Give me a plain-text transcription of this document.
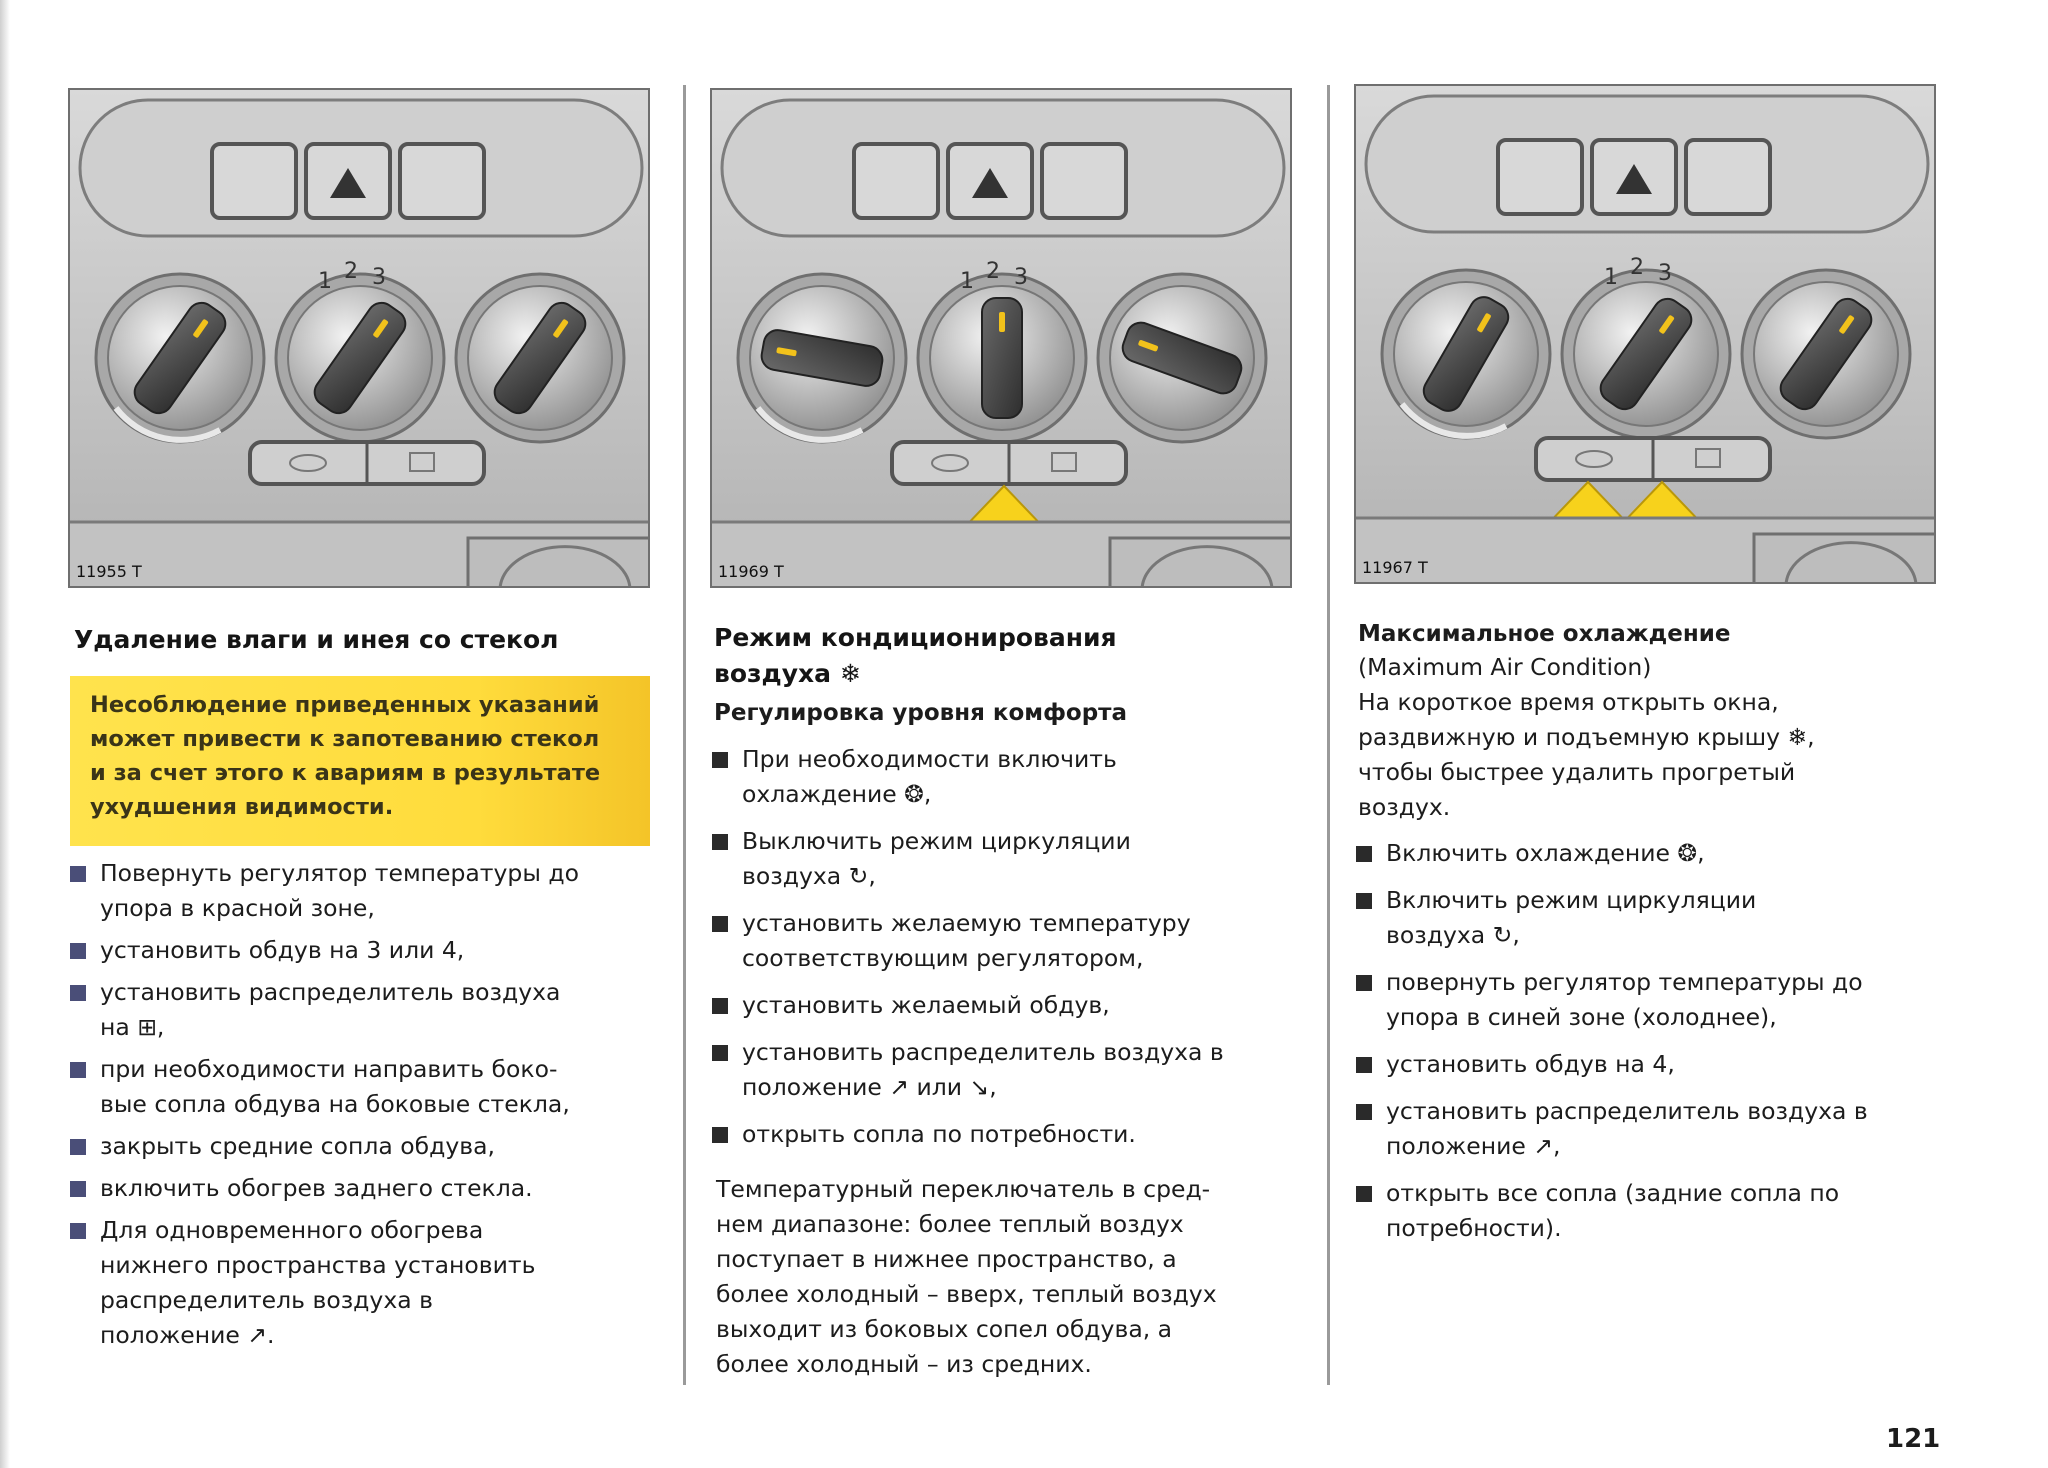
1 2 3
11955 T
Удаление влаги и инея со стекол
Несоблюдение приведенных указаний
может привести к запотеванию стекол
и за счет этого к авариям в результате
ухудшения видимости.
Повернуть регулятор температуры до
упора в красной зоне,
установить обдув на 3 или 4,
установить распределитель воздуха
на ⊞,
при необходимости направить боко-
вые сопла обдува на боковые стекла,
закрыть средние сопла обдува,
включить обогрев заднего стекла.
Для одновременного обогрева
нижнего пространства установить
распределитель воздуха в
положение ↗.
1 2 3
11969 T
Режим кондиционирования
воздуха ❄
Регулировка уровня комфорта
При необходимости включить
охлаждение ❂,
Выключить режим циркуляции
воздуха ↻,
установить желаемую температуру
соответствующим регулятором,
установить желаемый обдув,
установить распределитель воздуха в
положение ↗ или ↘,
открыть сопла по потребности.
Температурный переключатель в сред-
нем диапазоне: более теплый воздух
поступает в нижнее пространство, а
более холодный – вверх, теплый воздух
выходит из боковых сопел обдува, а
более холодный – из средних.
1 2 3
11967 T
Максимальное охлаждение
(Maximum Air Condition)
На короткое время открыть окна,
раздвижную и подъемную крышу ❄,
чтобы быстрее удалить прогретый
воздух.
Включить охлаждение ❂,
Включить режим циркуляции
воздуха ↻,
повернуть регулятор температуры до
упора в синей зоне (холоднее),
установить обдув на 4,
установить распределитель воздуха в
положение ↗,
открыть все сопла (задние сопла по
потребности).
121
